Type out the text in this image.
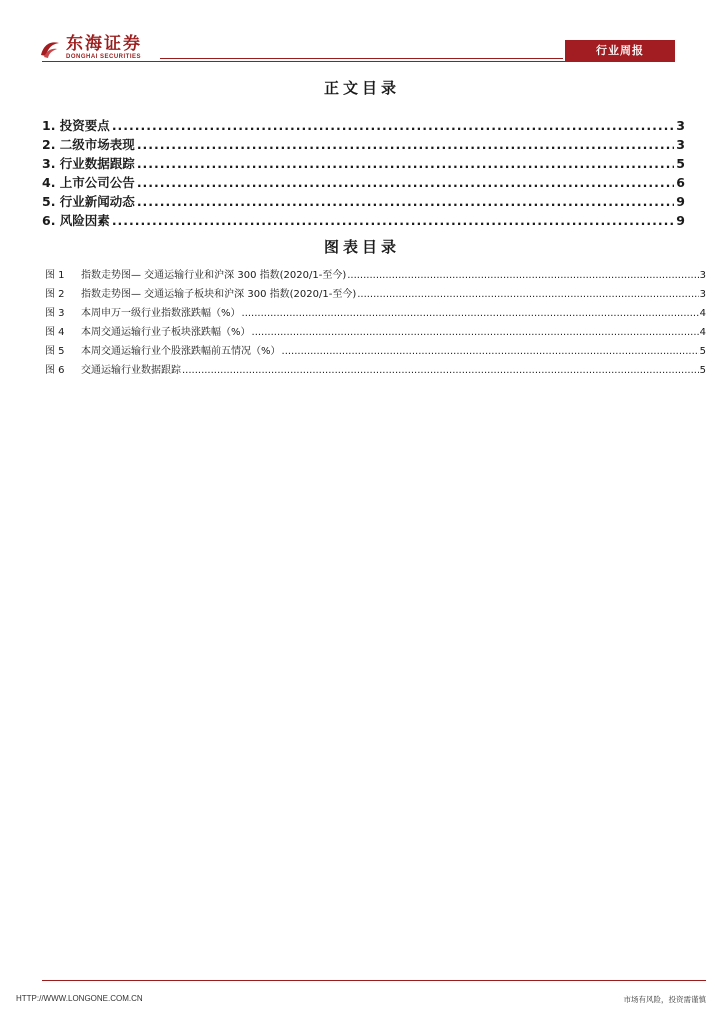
东海证券
DONGHAI SECURITIES	行业周报
正文目录
1. 投资要点 .....	3
2. 二级市场表现 .....	3
3. 行业数据跟踪 .....	5
4. 上市公司公告 .....	6
5. 行业新闻动态 .....	9
6. 风险因素 .....	9
图表目录
图 1	指数走势图— 交通运输行业和沪深 300 指数(2020/1-至今) .....	3
图 2	指数走势图— 交通运输子板块和沪深 300 指数(2020/1-至今) .....	3
图 3	本周申万一级行业指数涨跌幅（%） .....	4
图 4	本周交通运输行业子板块涨跌幅（%） .....	4
图 5	本周交通运输行业个股涨跌幅前五情况（%） .....	5
图 6	交通运输行业数据跟踪 .....	5
HTTP://WWW.LONGONE.COM.CN	市场有风险，投资需谨慎
